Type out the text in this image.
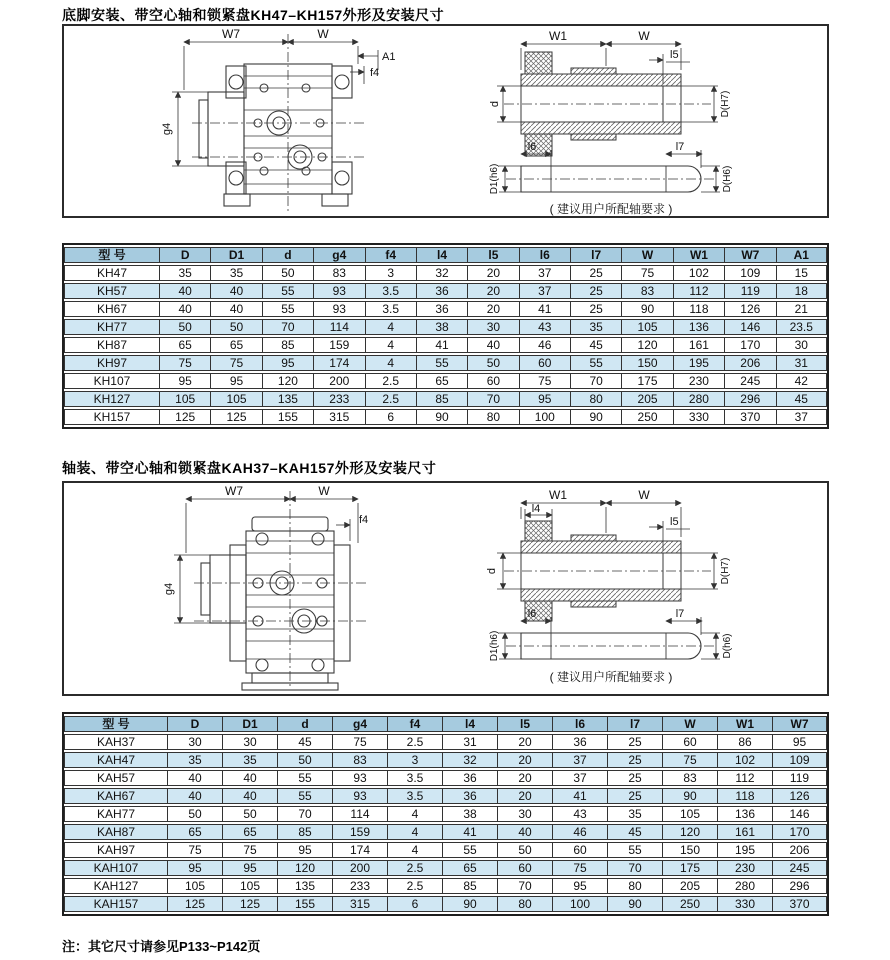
底脚安装、带空心轴和锁紧盘KH47–KH157外形及安装尺寸
W7	W
A1
f4
g4
W1	W
l5
d	D(H7)
l6	l7
D1(h6)	D(H6)
( 建议用户所配轴要求 )
型 号	D	D1	d	g4	f4	l4	l5	l6	l7	W	W1	W7	A1
KH47	35	35	50	83	3	32	20	37	25	75	102	109	15
KH57	40	40	55	93	3.5	36	20	37	25	83	112	119	18
KH67	40	40	55	93	3.5	36	20	41	25	90	118	126	21
KH77	50	50	70	114	4	38	30	43	35	105	136	146	23.5
KH87	65	65	85	159	4	41	40	46	45	120	161	170	30
KH97	75	75	95	174	4	55	50	60	55	150	195	206	31
KH107	95	95	120	200	2.5	65	60	75	70	175	230	245	42
KH127	105	105	135	233	2.5	85	70	95	80	205	280	296	45
KH157	125	125	155	315	6	90	80	100	90	250	330	370	37
轴装、带空心轴和锁紧盘KAH37–KAH157外形及安装尺寸
W7	W
f4
g4
W1	W
l4
l5
d	D(H7)
l6	l7
D1(h6)	D(h6)
( 建议用户所配轴要求 )
型 号	D	D1	d	g4	f4	l4	l5	l6	l7	W	W1	W7
KAH37	30	30	45	75	2.5	31	20	36	25	60	86	95
KAH47	35	35	50	83	3	32	20	37	25	75	102	109
KAH57	40	40	55	93	3.5	36	20	37	25	83	112	119
KAH67	40	40	55	93	3.5	36	20	41	25	90	118	126
KAH77	50	50	70	114	4	38	30	43	35	105	136	146
KAH87	65	65	85	159	4	41	40	46	45	120	161	170
KAH97	75	75	95	174	4	55	50	60	55	150	195	206
KAH107	95	95	120	200	2.5	65	60	75	70	175	230	245
KAH127	105	105	135	233	2.5	85	70	95	80	205	280	296
KAH157	125	125	155	315	6	90	80	100	90	250	330	370
注：其它尺寸请参见P133~P142页
